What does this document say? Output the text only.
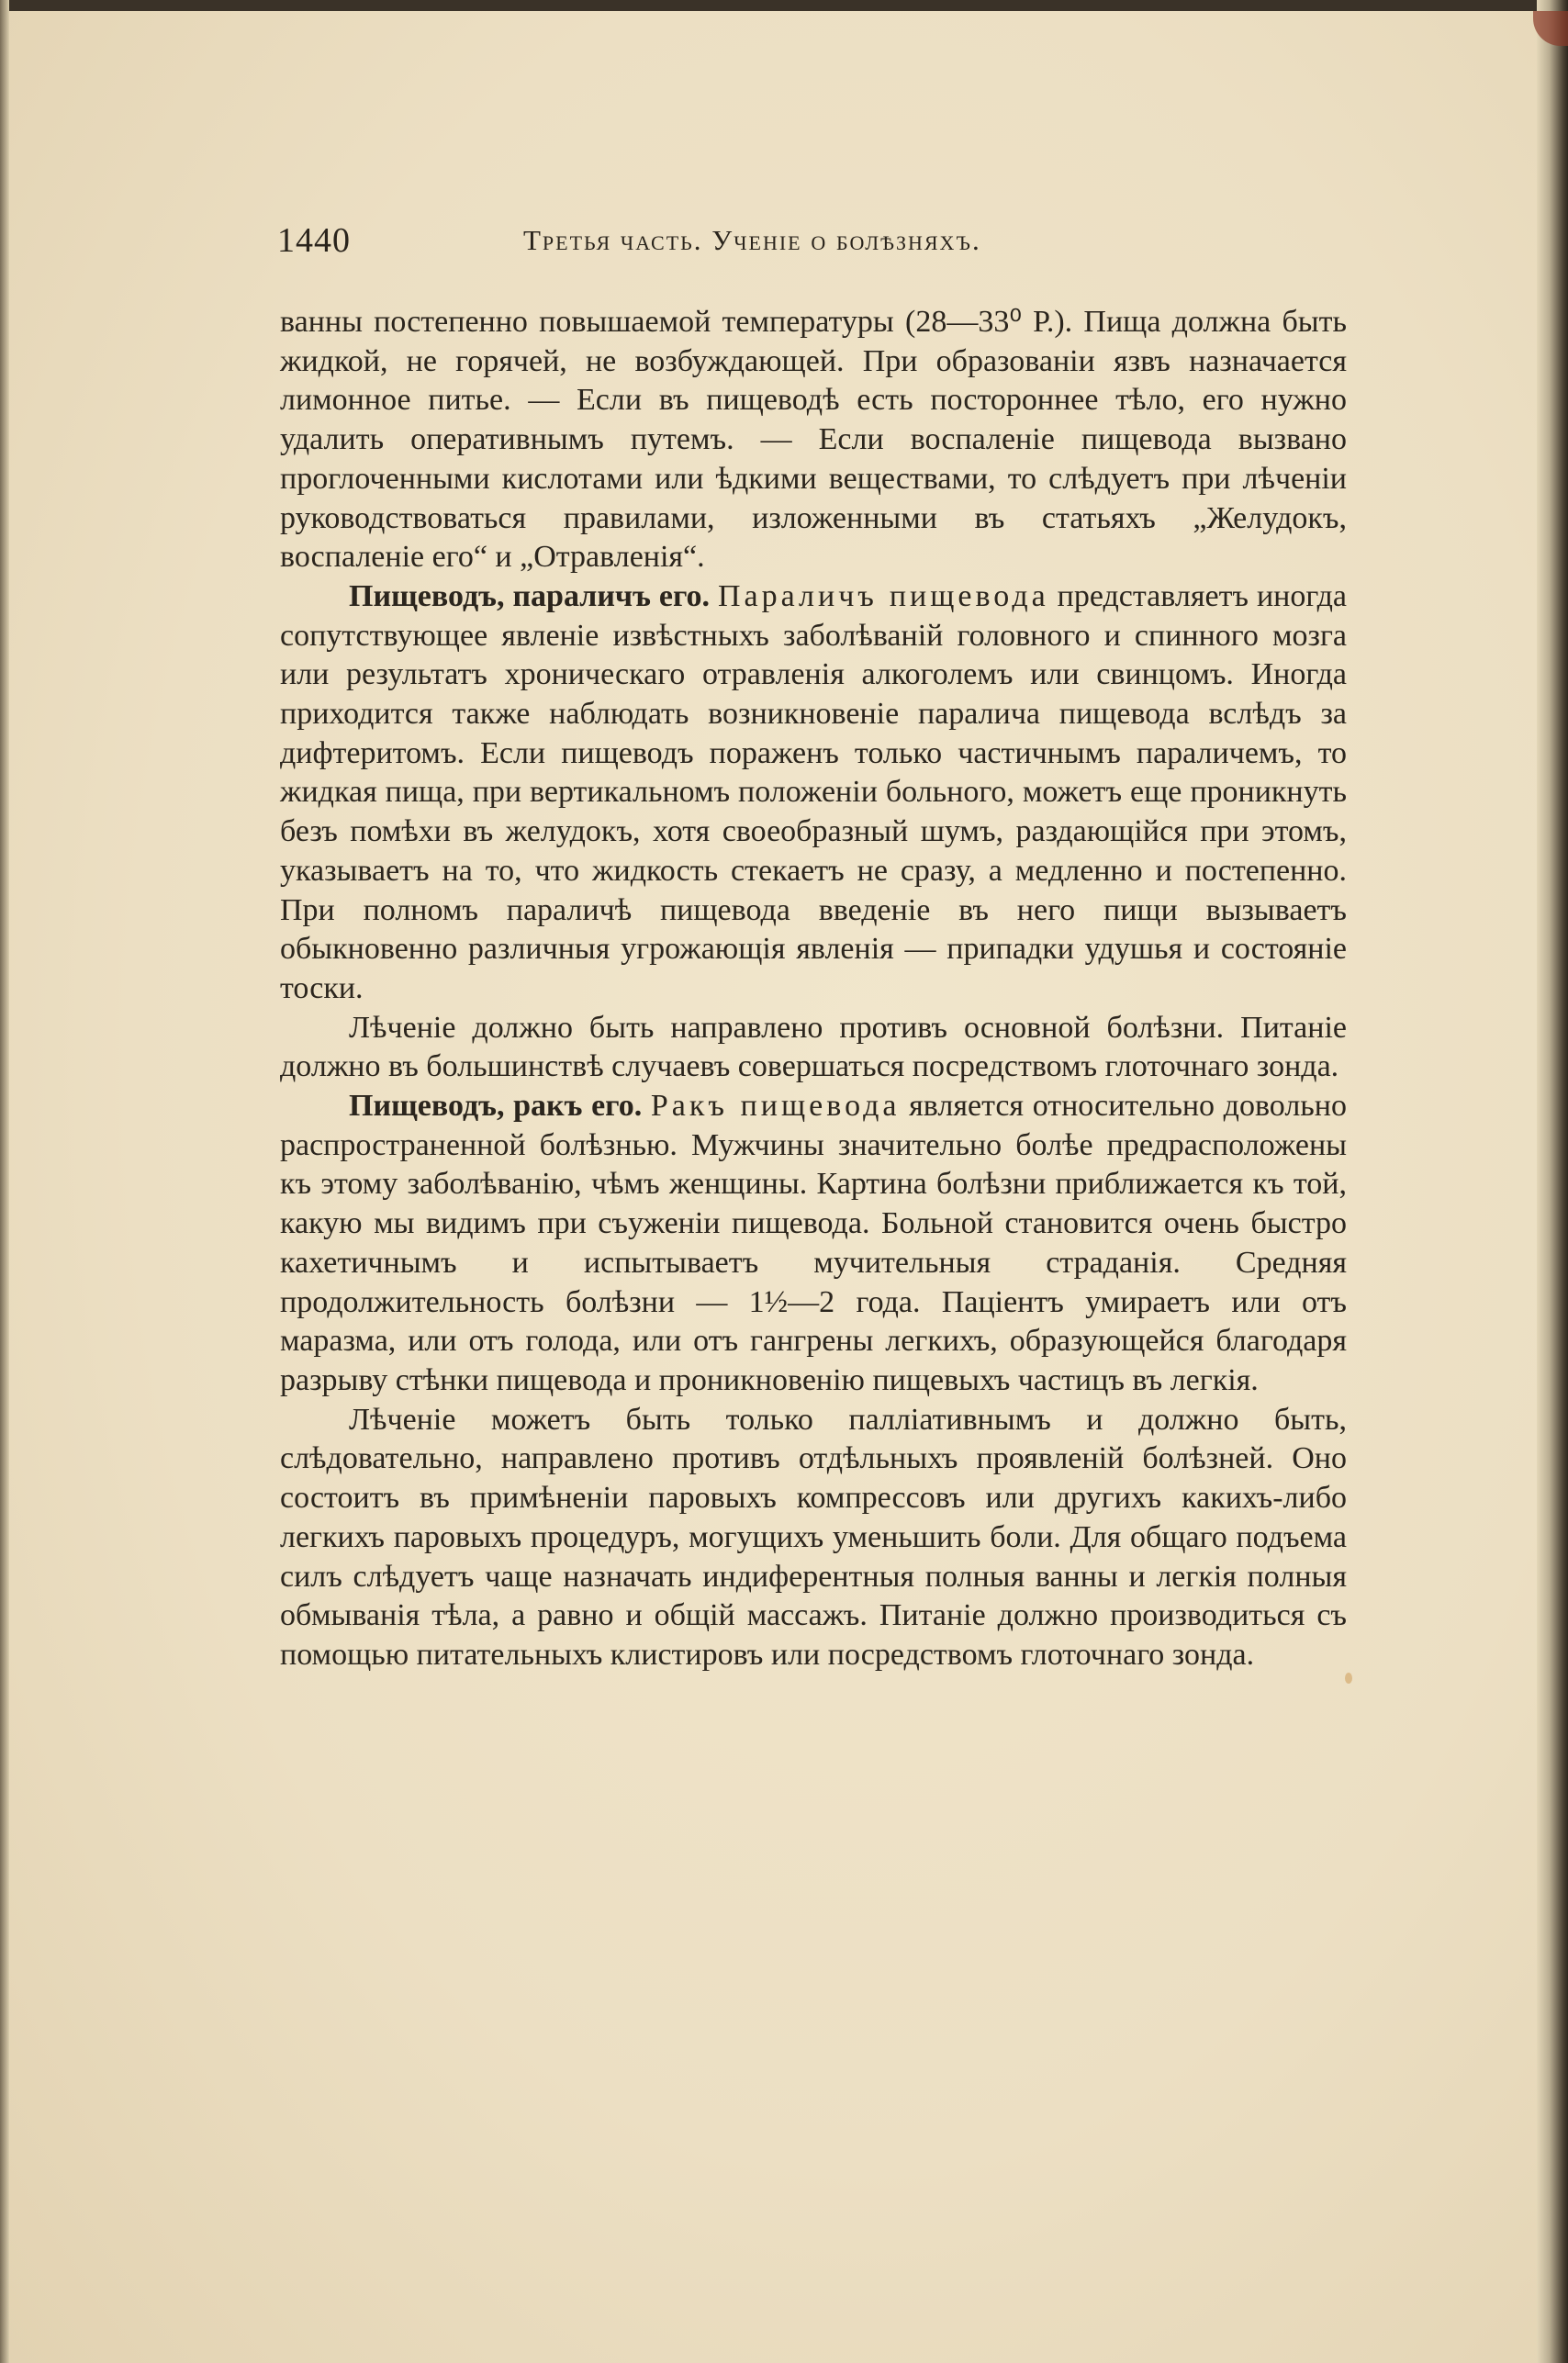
1440	Третья часть. Ученіе о болѣзняхъ.

ванны постепенно повышаемой температуры (28—33⁰ Р.). Пища должна быть жидкой, не горячей, не возбуждающей. При образованіи язвъ назначается лимонное питье. — Если въ пищеводѣ есть постороннее тѣло, его нужно удалить оперативнымъ путемъ. — Если воспаленіе пищевода вызвано проглоченными кислотами или ѣдкими веществами, то слѣдуетъ при лѣченіи руководствоваться правилами, изложенными въ статьяхъ „Желудокъ, воспаленіе его“ и „Отравленія“.

Пищеводъ, параличъ его. Параличъ пищевода представляетъ иногда сопутствующее явленіе извѣстныхъ заболѣваній головного и спинного мозга или результатъ хроническаго отравленія алкоголемъ или свинцомъ. Иногда приходится также наблюдать возникновеніе паралича пищевода вслѣдъ за дифтеритомъ. Если пищеводъ пораженъ только частичнымъ параличемъ, то жидкая пища, при вертикальномъ положеніи больного, можетъ еще проникнуть безъ помѣхи въ желудокъ, хотя своеобразный шумъ, раздающійся при этомъ, указываетъ на то, что жидкость стекаетъ не сразу, а медленно и постепенно. При полномъ параличѣ пищевода введеніе въ него пищи вызываетъ обыкновенно различныя угрожающія явленія — припадки удушья и состояніе тоски.

Лѣченіе должно быть направлено противъ основной болѣзни. Питаніе должно въ большинствѣ случаевъ совершаться посредствомъ глоточнаго зонда.

Пищеводъ, ракъ его. Ракъ пищевода является относительно довольно распространенной болѣзнью. Мужчины значительно болѣе предрасположены къ этому заболѣванію, чѣмъ женщины. Картина болѣзни приближается къ той, какую мы видимъ при съуженіи пищевода. Больной становится очень быстро кахетичнымъ и испытываетъ мучительныя страданія. Средняя продолжительность болѣзни — 1½—2 года. Паціентъ умираетъ или отъ маразма, или отъ голода, или отъ гангрены легкихъ, образующейся благодаря разрыву стѣнки пищевода и проникновенію пищевыхъ частицъ въ легкія.

Лѣченіе можетъ быть только палліативнымъ и должно быть, слѣдовательно, направлено противъ отдѣльныхъ проявленій болѣзней. Оно состоитъ въ примѣненіи паровыхъ компрессовъ или другихъ какихъ-либо легкихъ паровыхъ процедуръ, могущихъ уменьшить боли. Для общаго подъема силъ слѣдуетъ чаще назначать индиферентныя полныя ванны и легкія полныя обмыванія тѣла, а равно и общій массажъ. Питаніе должно производиться съ помощью питательныхъ клистировъ или посредствомъ глоточнаго зонда.
